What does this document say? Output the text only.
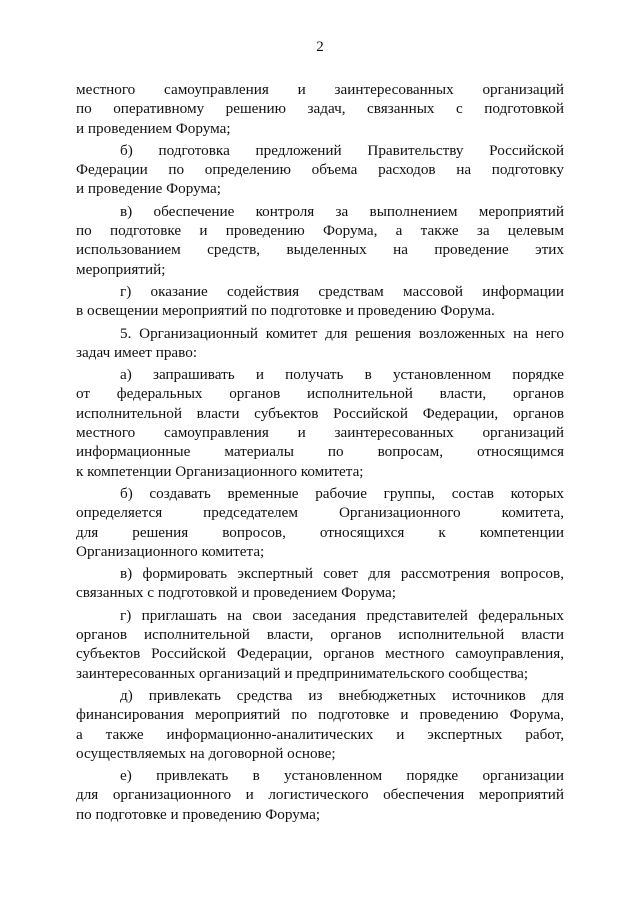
2
местного самоуправления и заинтересованных организаций
по оперативному решению задач, связанных с подготовкой
и проведением Форума;
б) подготовка предложений Правительству Российской
Федерации по определению объема расходов на подготовку
и проведение Форума;
в) обеспечение контроля за выполнением мероприятий
по подготовке и проведению Форума, а также за целевым
использованием средств, выделенных на проведение этих
мероприятий;
г) оказание содействия средствам массовой информации
в освещении мероприятий по подготовке и проведению Форума.
5. Организационный комитет для решения возложенных на него
задач имеет право:
а) запрашивать и получать в установленном порядке
от федеральных органов исполнительной власти, органов
исполнительной власти субъектов Российской Федерации, органов
местного самоуправления и заинтересованных организаций
информационные материалы по вопросам, относящимся
к компетенции Организационного комитета;
б) создавать временные рабочие группы, состав которых
определяется председателем Организационного комитета,
для решения вопросов, относящихся к компетенции
Организационного комитета;
в) формировать экспертный совет для рассмотрения вопросов,
связанных с подготовкой и проведением Форума;
г) приглашать на свои заседания представителей федеральных
органов исполнительной власти, органов исполнительной власти
субъектов Российской Федерации, органов местного самоуправления,
заинтересованных организаций и предпринимательского сообщества;
д) привлекать средства из внебюджетных источников для
финансирования мероприятий по подготовке и проведению Форума,
а также информационно-аналитических и экспертных работ,
осуществляемых на договорной основе;
е) привлекать в установленном порядке организации
для организационного и логистического обеспечения мероприятий
по подготовке и проведению Форума;
